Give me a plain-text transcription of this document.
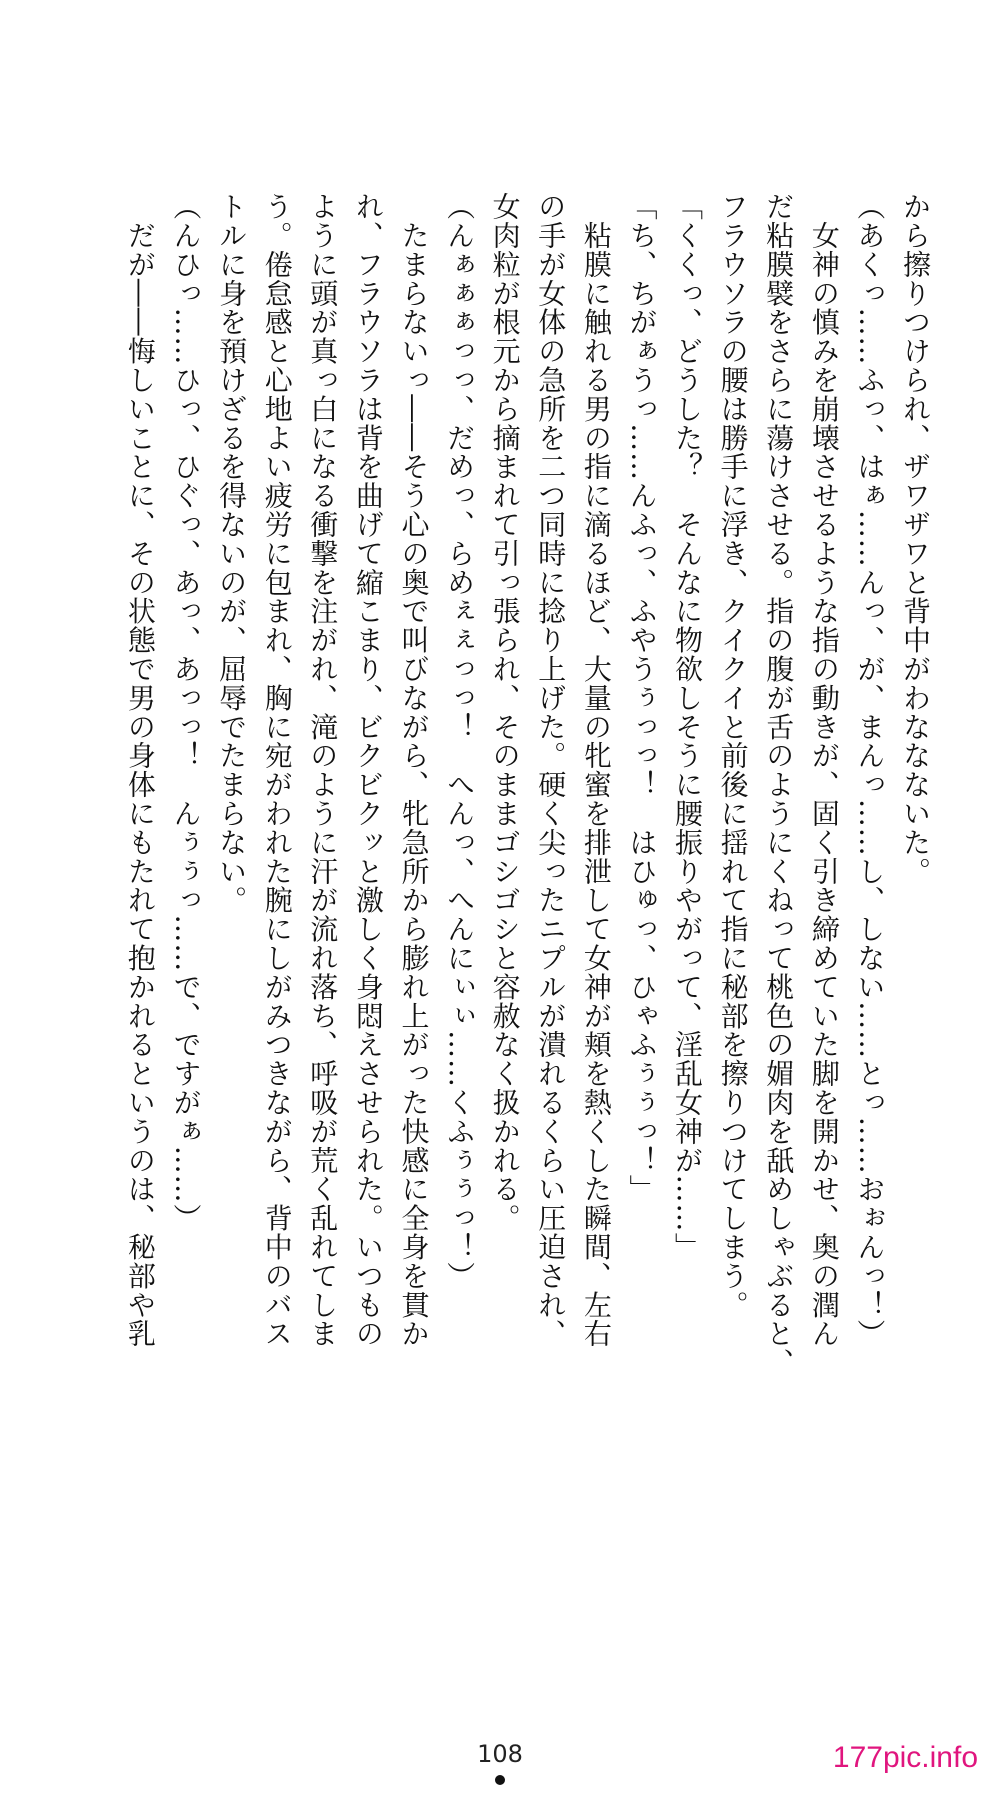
から擦りつけられ、ザワザワと背中がわななないた。
（あくっ……ふっ、はぁ……んっ、が、まんっ……し、しない……とっ……おぉんっ！）
　女神の慎みを崩壊させるような指の動きが、固く引き締めていた脚を開かせ、奥の潤ん
だ粘膜襞をさらに蕩けさせる。指の腹が舌のようにくねって桃色の媚肉を舐めしゃぶると、
フラウソラの腰は勝手に浮き、クイクイと前後に揺れて指に秘部を擦りつけてしまう。
「くくっ、どうした？　そんなに物欲しそうに腰振りやがって、淫乱女神が……」
「ち、ちがぁうっ……んふっ、ふやうぅっっ！　はひゅっ、ひゃふぅぅっ！」
　粘膜に触れる男の指に滴るほど、大量の牝蜜を排泄して女神が頬を熱くした瞬間、左右
の手が女体の急所を二つ同時に捻り上げた。硬く尖ったニプルが潰れるくらい圧迫され、
女肉粒が根元から摘まれて引っ張られ、そのままゴシゴシと容赦なく扱かれる。
（んぁぁぁっっ、だめっ、らめぇぇっっ！　へんっ、へんにぃぃ……くふぅぅっ！）
　たまらないっ――そう心の奥で叫びながら、牝急所から膨れ上がった快感に全身を貫か
れ、フラウソラは背を曲げて縮こまり、ビクビクッと激しく身悶えさせられた。いつもの
ように頭が真っ白になる衝撃を注がれ、滝のように汗が流れ落ち、呼吸が荒く乱れてしま
う。倦怠感と心地よい疲労に包まれ、胸に宛がわれた腕にしがみつきながら、背中のバス
トルに身を預けざるを得ないのが、屈辱でたまらない。
（んひっ……ひっ、ひぐっ、あっ、あっっ！　んぅぅっ……で、ですがぁ……）
　だが――悔しいことに、その状態で男の身体にもたれて抱かれるというのは、秘部や乳
108	177pic.info
